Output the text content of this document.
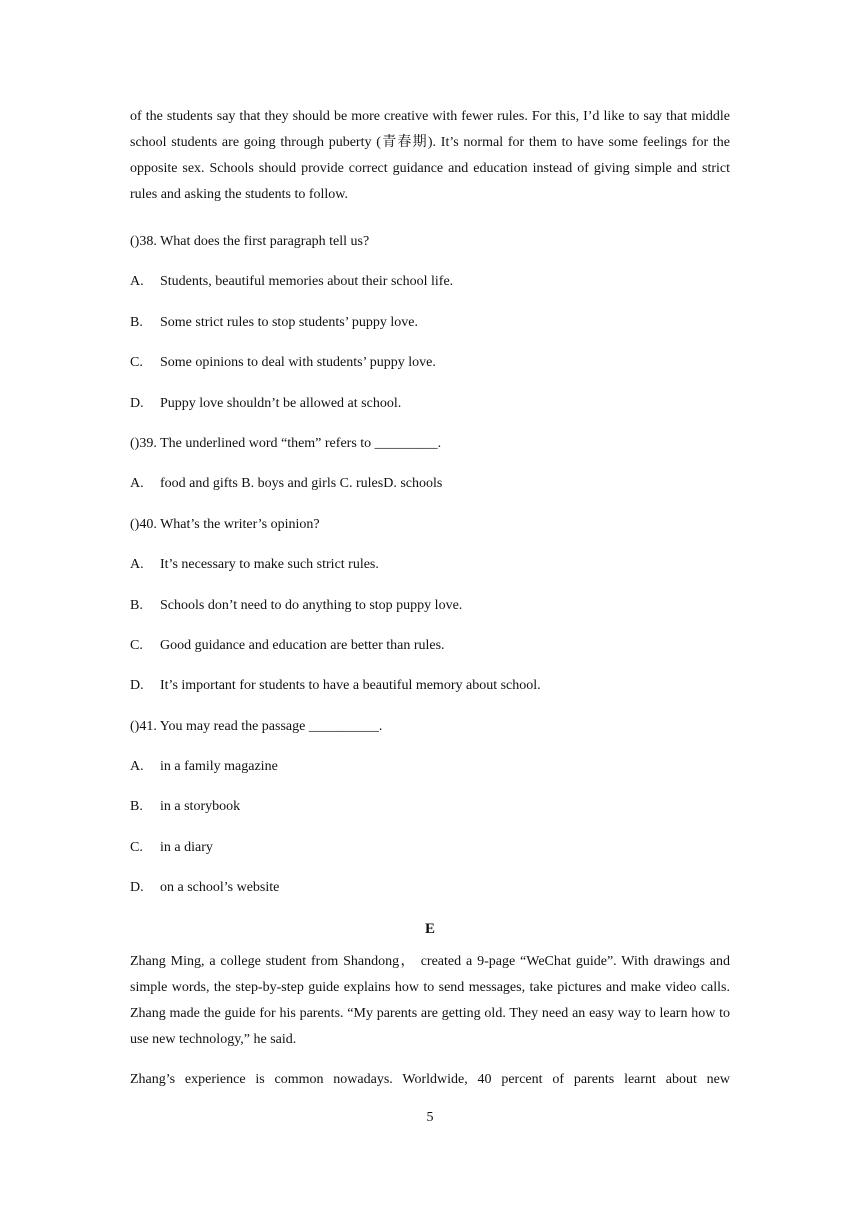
of the students say that they should be more creative with fewer rules. For this, I’d like to say that middle school students are going through puberty (青春期). It’s normal for them to have some feelings for the opposite sex. Schools should provide correct guidance and education instead of giving simple and strict rules and asking the students to follow.

()38. What does the first paragraph tell us?

A. Students, beautiful memories about their school life.

B. Some strict rules to stop students’ puppy love.

C. Some opinions to deal with students’ puppy love.

D. Puppy love shouldn’t be allowed at school.

()39. The underlined word “them” refers to _________.

A. food and gifts B. boys and girls C. rulesD. schools

()40. What’s the writer’s opinion?

A. It’s necessary to make such strict rules.

B. Schools don’t need to do anything to stop puppy love.

C. Good guidance and education are better than rules.

D. It’s important for students to have a beautiful memory about school.

()41. You may read the passage __________.

A. in a family magazine

B. in a storybook

C. in a diary

D. on a school’s website

E

Zhang Ming, a college student from Shandong， created a 9-page “WeChat guide”. With drawings and simple words, the step-by-step guide explains how to send messages, take pictures and make video calls. Zhang made the guide for his parents. “My parents are getting old. They need an easy way to learn how to use new technology,” he said.

Zhang’s experience is common nowadays. Worldwide, 40 percent of parents learnt about new

5
